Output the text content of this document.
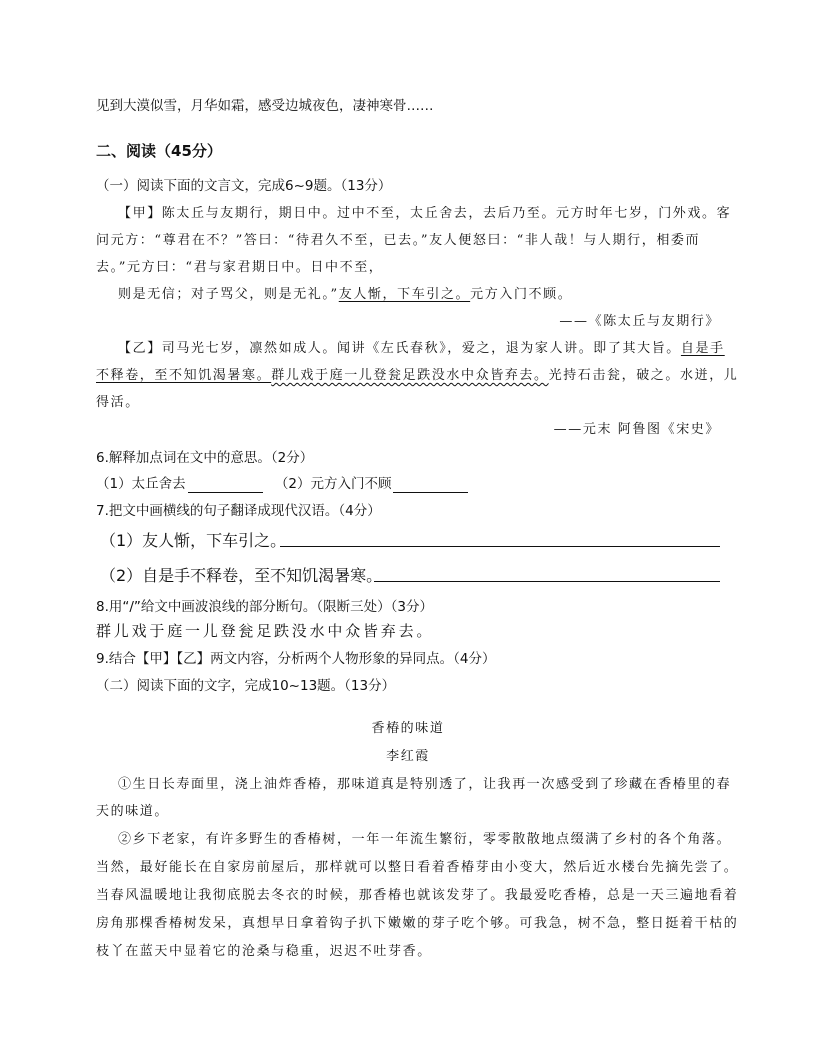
见到大漠似雪，月华如霜，感受边城夜色，凄神寒骨……
二、阅读（45分）
（一）阅读下面的文言文，完成6~9题。（13分）
【甲】陈太丘与友期行，期日中。过中不至，太丘舍去，去后乃至。元方时年七岁，门外戏。客
问元方：“尊君在不？”答曰：“待君久不至，已去。”友人便怒曰：“非人哉！与人期行，相委而
去。”元方曰：“君与家君期日中。日中不至，
则是无信；对子骂父，则是无礼。”友人惭，下车引之。元方入门不顾。
——《陈太丘与友期行》
【乙】司马光七岁，凛然如成人。闻讲《左氏春秋》，爱之，退为家人讲。即了其大旨。自是手
不释卷，至不知饥渴暑寒。群儿戏于庭一儿登瓮足跌没水中众皆弃去。光持石击瓮，破之。水迸，儿
得活。
——元末 阿鲁图《宋史》
6.解释加点词在文中的意思。（2分）
（1）太丘舍去	（2）元方入门不顾
7.把文中画横线的句子翻译成现代汉语。（4分）
（1）友人惭，下车引之。
（2）自是手不释卷，至不知饥渴暑寒。
8.用“/”给文中画波浪线的部分断句。（限断三处）（3分）
群儿戏于庭一儿登瓮足跌没水中众皆弃去。
9.结合【甲】【乙】两文内容，分析两个人物形象的异同点。（4分）
（二）阅读下面的文字，完成10~13题。（13分）
香椿的味道
李红霞
①生日长寿面里，浇上油炸香椿，那味道真是特别透了，让我再一次感受到了珍藏在香椿里的春
天的味道。
②乡下老家，有许多野生的香椿树，一年一年流生繁衍，零零散散地点缀满了乡村的各个角落。
当然，最好能长在自家房前屋后，那样就可以整日看着香椿芽由小变大，然后近水楼台先摘先尝了。
当春风温暖地让我彻底脱去冬衣的时候，那香椿也就该发芽了。我最爱吃香椿，总是一天三遍地看着
房角那棵香椿树发呆，真想早日拿着钩子扒下嫩嫩的芽子吃个够。可我急，树不急，整日挺着干枯的
枝丫在蓝天中显着它的沧桑与稳重，迟迟不吐芽香。
